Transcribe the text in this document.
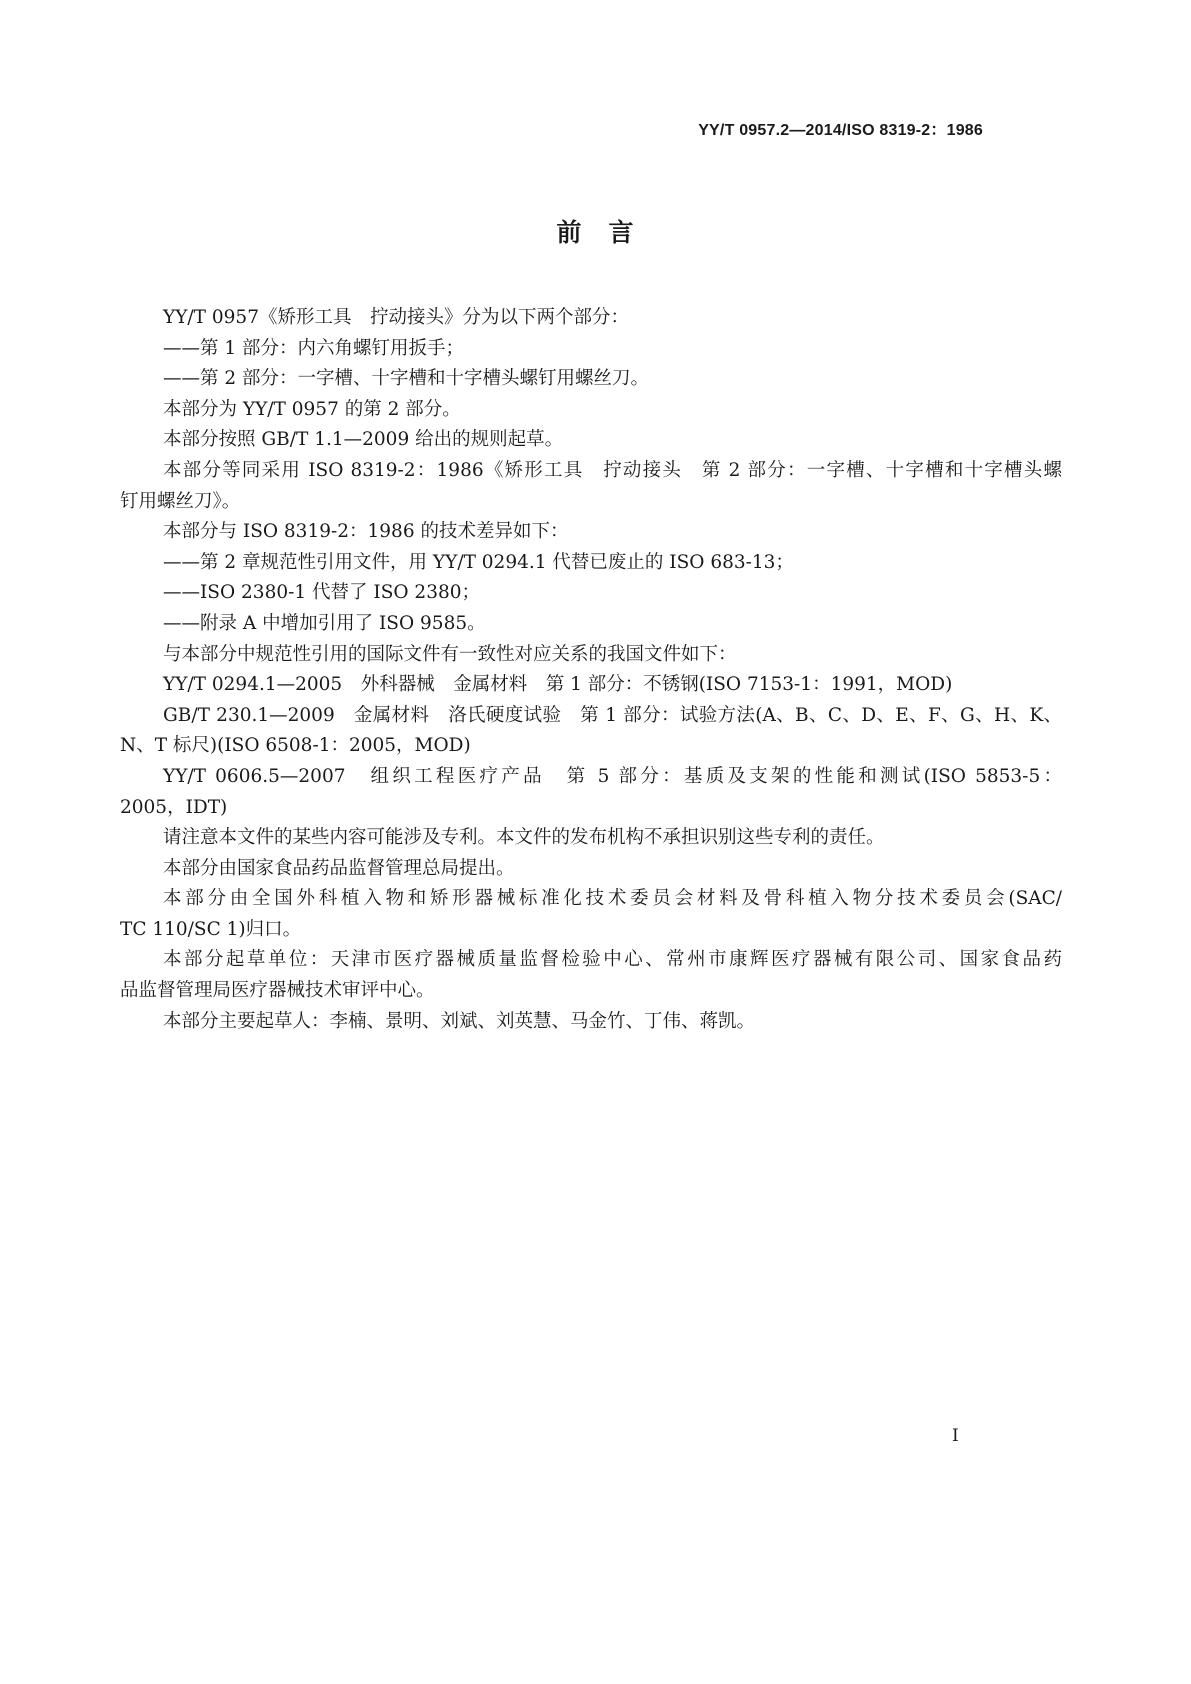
YY/T 0957.2—2014/ISO 8319-2：1986
前　言
YY/T 0957《矫形工具　拧动接头》分为以下两个部分：
——第 1 部分：内六角螺钉用扳手；
——第 2 部分：一字槽、十字槽和十字槽头螺钉用螺丝刀。
本部分为 YY/T 0957 的第 2 部分。
本部分按照 GB/T 1.1—2009 给出的规则起草。
本部分等同采用 ISO 8319-2：1986《矫形工具　拧动接头　第 2 部分：一字槽、十字槽和十字槽头螺
钉用螺丝刀》。
本部分与 ISO 8319-2：1986 的技术差异如下：
——第 2 章规范性引用文件，用 YY/T 0294.1 代替已废止的 ISO 683-13；
——ISO 2380-1 代替了 ISO 2380；
——附录 A 中增加引用了 ISO 9585。
与本部分中规范性引用的国际文件有一致性对应关系的我国文件如下：
YY/T 0294.1—2005　外科器械　金属材料　第 1 部分：不锈钢(ISO 7153-1：1991，MOD)
GB/T 230.1—2009　金属材料　洛氏硬度试验　第 1 部分：试验方法(A、B、C、D、E、F、G、H、K、
N、T 标尺)(ISO 6508-1：2005，MOD)
YY/T 0606.5—2007　组织工程医疗产品　第 5 部分：基质及支架的性能和测试(ISO 5853-5：
2005，IDT)
请注意本文件的某些内容可能涉及专利。本文件的发布机构不承担识别这些专利的责任。
本部分由国家食品药品监督管理总局提出。
本部分由全国外科植入物和矫形器械标准化技术委员会材料及骨科植入物分技术委员会(SAC/
TC 110/SC 1)归口。
本部分起草单位：天津市医疗器械质量监督检验中心、常州市康辉医疗器械有限公司、国家食品药
品监督管理局医疗器械技术审评中心。
本部分主要起草人：李楠、景明、刘斌、刘英慧、马金竹、丁伟、蒋凯。
I
